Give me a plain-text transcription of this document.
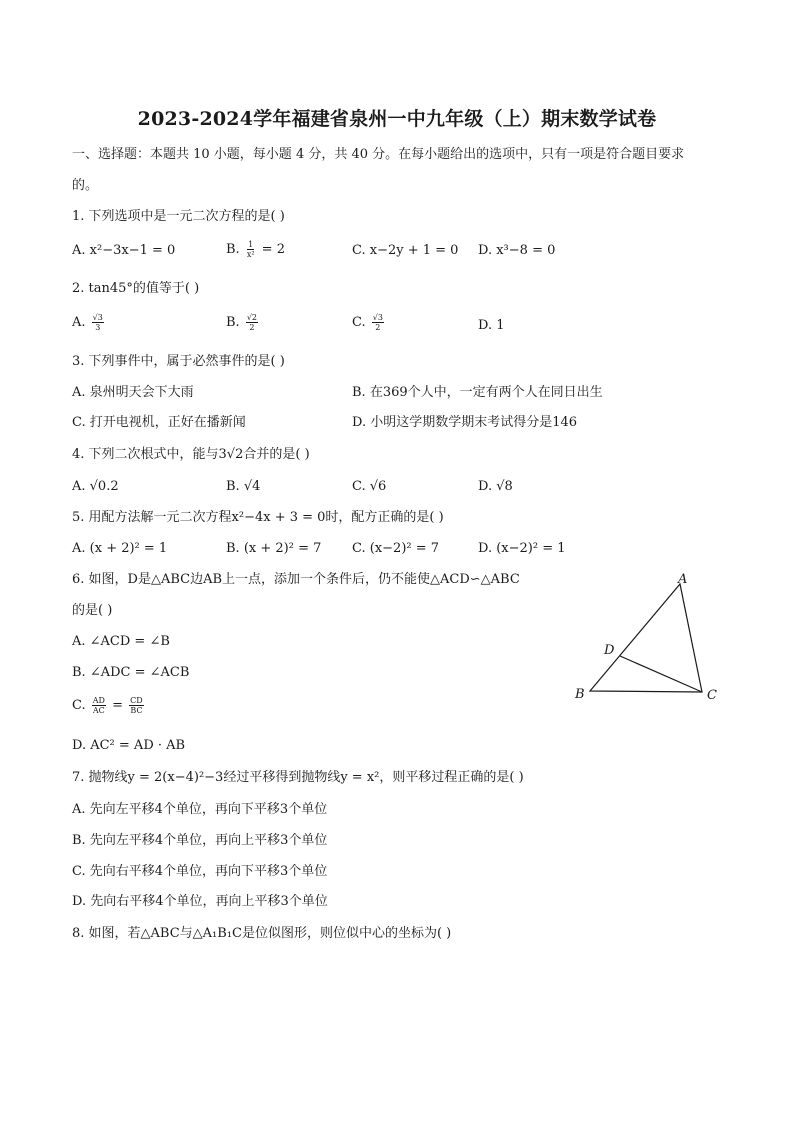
2023-2024学年福建省泉州一中九年级（上）期末数学试卷
一、选择题：本题共 10 小题，每小题 4 分，共 40 分。在每小题给出的选项中，只有一项是符合题目要求
的。
1. 下列选项中是一元二次方程的是( )
A. x²−3x−1 = 0	B. $\frac{1}{\text{x²}} = 2$	C. x−2y + 1 = 0 D. x³−8 = 0
2. tan45°的值等于( )
A. $\frac{√3}{3}$	B. $\frac{√2}{2}$	C. $\frac{√3}{2}$	D. 1
3. 下列事件中，属于必然事件的是( )
A. 泉州明天会下大雨	B. 在369个人中，一定有两个人在同日出生
C. 打开电视机，正好在播新闻	D. 小明这学期数学期末考试得分是146
4. 下列二次根式中，能与3√2合并的是( )
A. √0.2	B. √4	C. √6	D. √8
5. 用配方法解一元二次方程x²−4x + 3 = 0时，配方正确的是( )
A. (x + 2)² = 1	B. (x + 2)² = 7 C. (x−2)² = 7	D. (x−2)² = 1
6. 如图，D是△ABC边AB上一点，添加一个条件后，仍不能使△ACD∽△ABC
的是( )
A. ∠ACD = ∠B
B. ∠ADC = ∠ACB
C. $\frac{AD}{AC} = \frac{CD}{BC}$
D. AC² = AD · AB
A
B	C
D
7. 抛物线y = 2(x−4)²−3经过平移得到抛物线y = x²，则平移过程正确的是( )
A. 先向左平移4个单位，再向下平移3个单位
B. 先向左平移4个单位，再向上平移3个单位
C. 先向右平移4个单位，再向下平移3个单位
D. 先向右平移4个单位，再向上平移3个单位
8. 如图，若△ABC与△A₁B₁C是位似图形，则位似中心的坐标为( )
